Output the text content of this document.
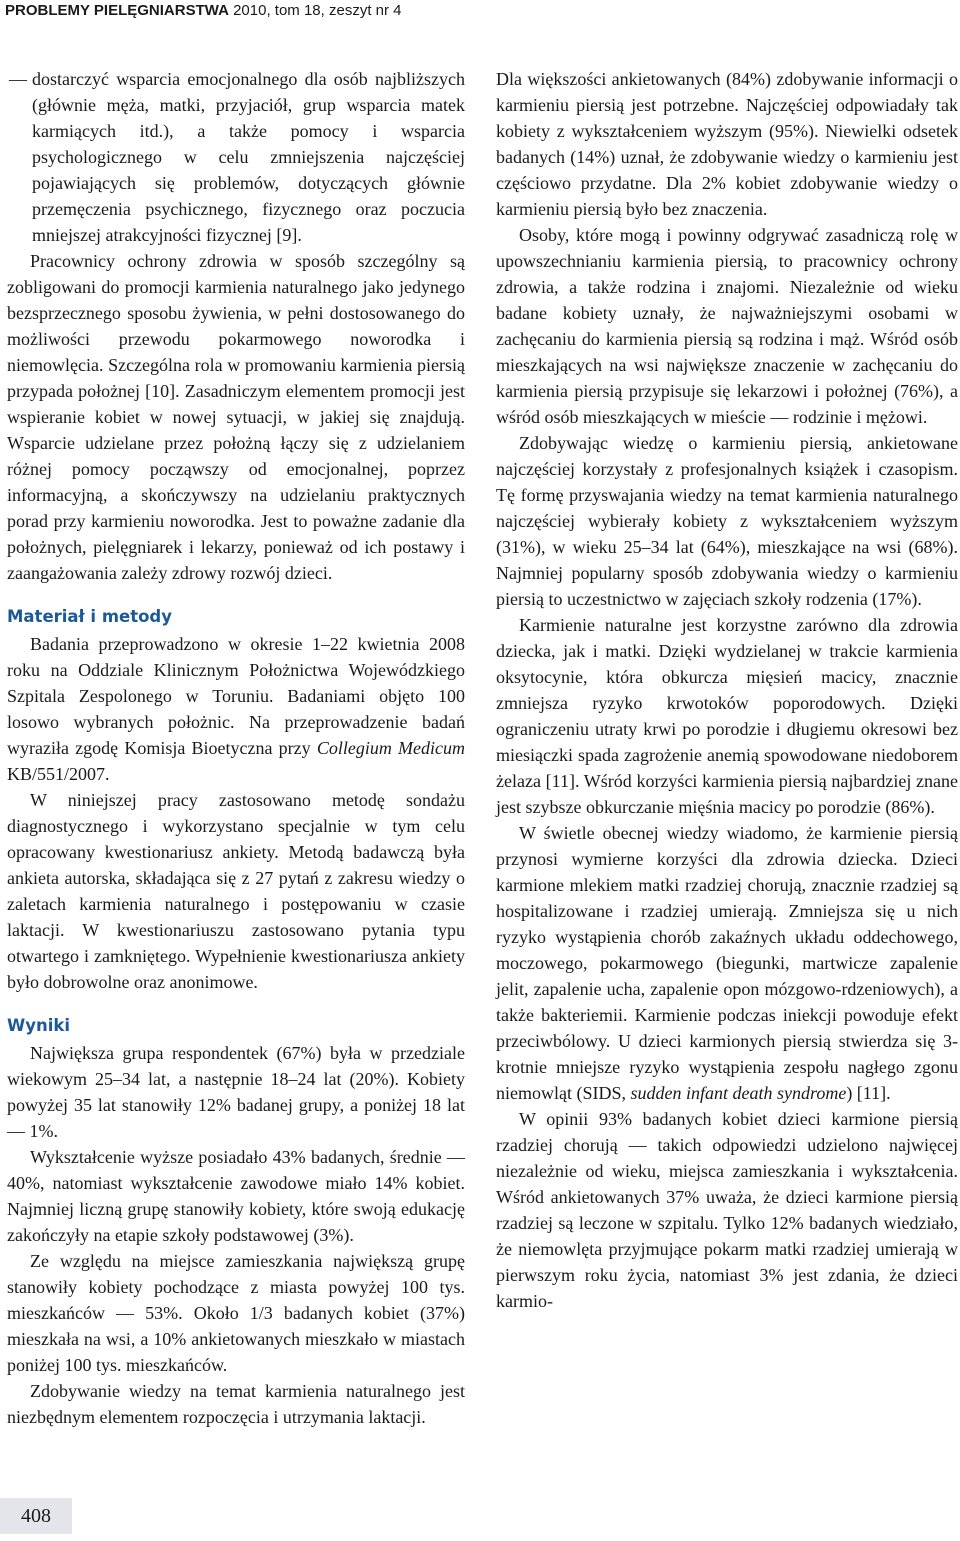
PROBLEMY PIELĘGNIARSTWA 2010, tom 18, zeszyt nr 4
— dostarczyć wsparcia emocjonalnego dla osób najbliższych (głównie męża, matki, przyjaciół, grup wsparcia matek karmiących itd.), a także pomocy i wsparcia psychologicznego w celu zmniejszenia najczęściej pojawiających się problemów, dotyczących głównie przemęczenia psychicznego, fizycznego oraz poczucia mniejszej atrakcyjności fizycznej [9].

Pracownicy ochrony zdrowia w sposób szczególny są zobligowani do promocji karmienia naturalnego jako jedynego bezsprzecznego sposobu żywienia, w pełni dostosowanego do możliwości przewodu pokarmowego noworodka i niemowlęcia. Szczególna rola w promowaniu karmienia piersią przypada położnej [10]. Zasadniczym elementem promocji jest wspieranie kobiet w nowej sytuacji, w jakiej się znajdują. Wsparcie udzielane przez położną łączy się z udzielaniem różnej pomocy począwszy od emocjonalnej, poprzez informacyjną, a skończywszy na udzielaniu praktycznych porad przy karmieniu noworodka. Jest to poważne zadanie dla położnych, pielęgniarek i lekarzy, ponieważ od ich postawy i zaangażowania zależy zdrowy rozwój dzieci.

Materiał i metody

Badania przeprowadzono w okresie 1–22 kwietnia 2008 roku na Oddziale Klinicznym Położnictwa Wojewódzkiego Szpitala Zespolonego w Toruniu. Badaniami objęto 100 losowo wybranych położnic. Na przeprowadzenie badań wyraziła zgodę Komisja Bioetyczna przy Collegium Medicum KB/551/2007.

W niniejszej pracy zastosowano metodę sondażu diagnostycznego i wykorzystano specjalnie w tym celu opracowany kwestionariusz ankiety. Metodą badawczą była ankieta autorska, składająca się z 27 pytań z zakresu wiedzy o zaletach karmienia naturalnego i postępowaniu w czasie laktacji. W kwestionariuszu zastosowano pytania typu otwartego i zamkniętego. Wypełnienie kwestionariusza ankiety było dobrowolne oraz anonimowe.

Wyniki

Największa grupa respondentek (67%) była w przedziale wiekowym 25–34 lat, a następnie 18–24 lat (20%). Kobiety powyżej 35 lat stanowiły 12% badanej grupy, a poniżej 18 lat — 1%.

Wykształcenie wyższe posiadało 43% badanych, średnie — 40%, natomiast wykształcenie zawodowe miało 14% kobiet. Najmniej liczną grupę stanowiły kobiety, które swoją edukację zakończyły na etapie szkoły podstawowej (3%).

Ze względu na miejsce zamieszkania największą grupę stanowiły kobiety pochodzące z miasta powyżej 100 tys. mieszkańców — 53%. Około 1/3 badanych kobiet (37%) mieszkała na wsi, a 10% ankietowanych mieszkało w miastach poniżej 100 tys. mieszkańców.

Zdobywanie wiedzy na temat karmienia naturalnego jest niezbędnym elementem rozpoczęcia i utrzymania laktacji.

Dla większości ankietowanych (84%) zdobywanie informacji o karmieniu piersią jest potrzebne. Najczęściej odpowiadały tak kobiety z wykształceniem wyższym (95%). Niewielki odsetek badanych (14%) uznał, że zdobywanie wiedzy o karmieniu jest częściowo przydatne. Dla 2% kobiet zdobywanie wiedzy o karmieniu piersią było bez znaczenia.

Osoby, które mogą i powinny odgrywać zasadniczą rolę w upowszechnianiu karmienia piersią, to pracownicy ochrony zdrowia, a także rodzina i znajomi. Niezależnie od wieku badane kobiety uznały, że najważniejszymi osobami w zachęcaniu do karmienia piersią są rodzina i mąż. Wśród osób mieszkających na wsi największe znaczenie w zachęcaniu do karmienia piersią przypisuje się lekarzowi i położnej (76%), a wśród osób mieszkających w mieście — rodzinie i mężowi.

Zdobywając wiedzę o karmieniu piersią, ankietowane najczęściej korzystały z profesjonalnych książek i czasopism. Tę formę przyswajania wiedzy na temat karmienia naturalnego najczęściej wybierały kobiety z wykształceniem wyższym (31%), w wieku 25–34 lat (64%), mieszkające na wsi (68%). Najmniej popularny sposób zdobywania wiedzy o karmieniu piersią to uczestnictwo w zajęciach szkoły rodzenia (17%).

Karmienie naturalne jest korzystne zarówno dla zdrowia dziecka, jak i matki. Dzięki wydzielanej w trakcie karmienia oksytocynie, która obkurcza mięsień macicy, znacznie zmniejsza ryzyko krwotoków poporodowych. Dzięki ograniczeniu utraty krwi po porodzie i długiemu okresowi bez miesiączki spada zagrożenie anemią spowodowane niedoborem żelaza [11]. Wśród korzyści karmienia piersią najbardziej znane jest szybsze obkurczanie mięśnia macicy po porodzie (86%).

W świetle obecnej wiedzy wiadomo, że karmienie piersią przynosi wymierne korzyści dla zdrowia dziecka. Dzieci karmione mlekiem matki rzadziej chorują, znacznie rzadziej są hospitalizowane i rzadziej umierają. Zmniejsza się u nich ryzyko wystąpienia chorób zakaźnych układu oddechowego, moczowego, pokarmowego (biegunki, martwicze zapalenie jelit, zapalenie ucha, zapalenie opon mózgowo-rdzeniowych), a także bakteriemii. Karmienie podczas iniekcji powoduje efekt przeciwbólowy. U dzieci karmionych piersią stwierdza się 3-krotnie mniejsze ryzyko wystąpienia zespołu nagłego zgonu niemowląt (SIDS, sudden infant death syndrome) [11].

W opinii 93% badanych kobiet dzieci karmione piersią rzadziej chorują — takich odpowiedzi udzielono najwięcej niezależnie od wieku, miejsca zamieszkania i wykształcenia. Wśród ankietowanych 37% uważa, że dzieci karmione piersią rzadziej są leczone w szpitalu. Tylko 12% badanych wiedziało, że niemowlęta przyjmujące pokarm matki rzadziej umierają w pierwszym roku życia, natomiast 3% jest zdania, że dzieci karmio-

408
